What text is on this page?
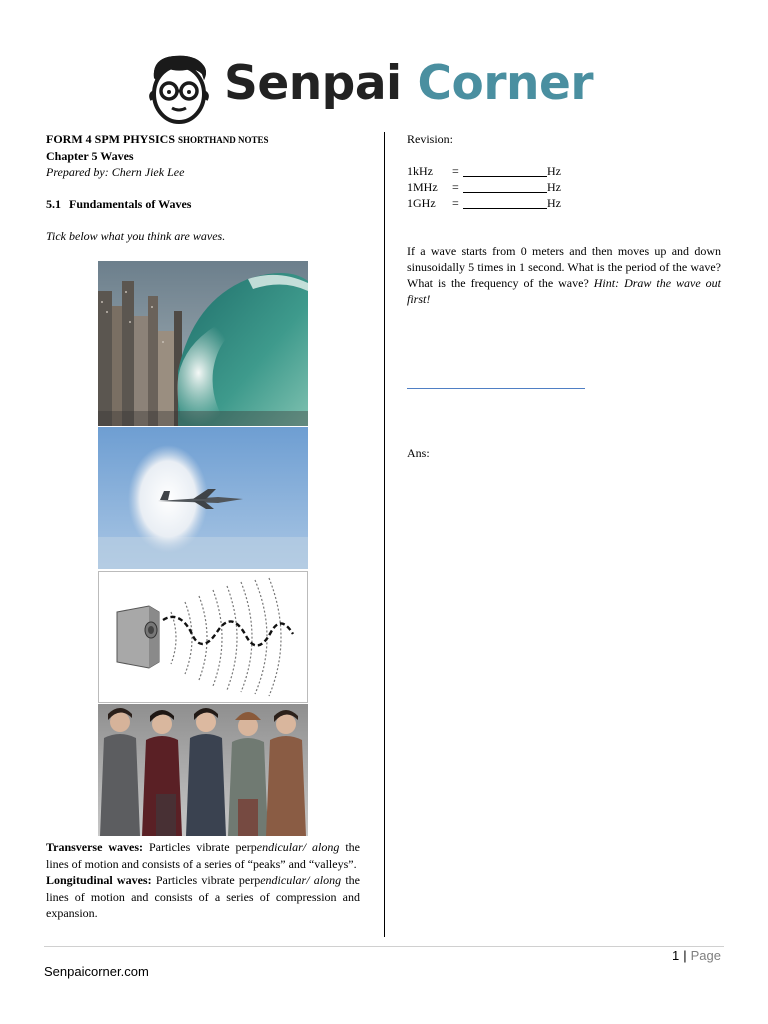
Senpai Corner

FORM 4 SPM PHYSICS SHORTHAND NOTES

Chapter 5 Waves

Prepared by: Chern Jiek Lee

5.1 Fundamentals of Waves

Tick below what you think are waves.

Transverse waves: Particles vibrate perpendicular/ along the lines of motion and consists of a series of “peaks” and “valleys”.

Longitudinal waves: Particles vibrate perpendicular/ along the lines of motion and consists of a series of compression and expansion.

Revision:

1kHz =	Hz
1MHz =	Hz
1GHz =	Hz

If a wave starts from 0 meters and then moves up and down sinusoidally 5 times in 1 second. What is the period of the wave? What is the frequency of the wave? Hint: Draw the wave out first!

Ans:
1 | Page
Senpaicorner.com
